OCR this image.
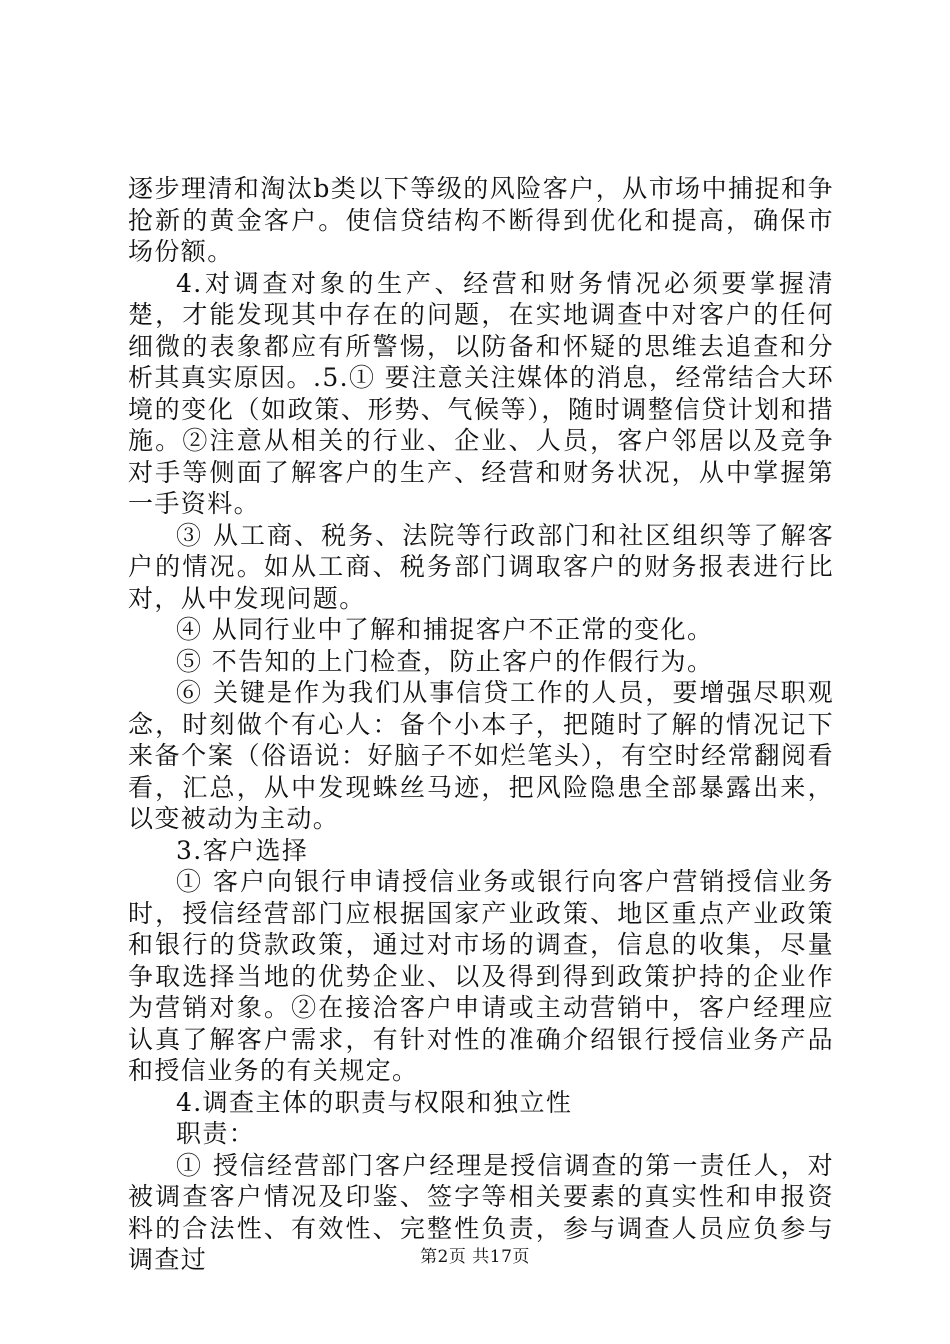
逐步理清和淘汰b类以下等级的风险客户，从市场中捕捉和争抢新的黄金客户。使信贷结构不断得到优化和提高，确保市场份额。

4.对调查对象的生产、经营和财务情况必须要掌握清楚，才能发现其中存在的问题，在实地调查中对客户的任何细微的表象都应有所警惕，以防备和怀疑的思维去追查和分析其真实原因。.5.① 要注意关注媒体的消息，经常结合大环境的变化（如政策、形势、气候等），随时调整信贷计划和措施。②注意从相关的行业、企业、人员，客户邻居以及竞争对手等侧面了解客户的生产、经营和财务状况，从中掌握第一手资料。

③ 从工商、税务、法院等行政部门和社区组织等了解客户的情况。如从工商、税务部门调取客户的财务报表进行比对，从中发现问题。

④ 从同行业中了解和捕捉客户不正常的变化。

⑤ 不告知的上门检查，防止客户的作假行为。

⑥ 关键是作为我们从事信贷工作的人员，要增强尽职观念，时刻做个有心人：备个小本子，把随时了解的情况记下来备个案（俗语说：好脑子不如烂笔头），有空时经常翻阅看看，汇总，从中发现蛛丝马迹，把风险隐患全部暴露出来，以变被动为主动。

3.客户选择

① 客户向银行申请授信业务或银行向客户营销授信业务时，授信经营部门应根据国家产业政策、地区重点产业政策和银行的贷款政策，通过对市场的调查，信息的收集，尽量争取选择当地的优势企业、以及得到得到政策护持的企业作为营销对象。②在接洽客户申请或主动营销中，客户经理应认真了解客户需求，有针对性的准确介绍银行授信业务产品和授信业务的有关规定。

4.调查主体的职责与权限和独立性

职责：

① 授信经营部门客户经理是授信调查的第一责任人，对被调查客户情况及印鉴、签字等相关要素的真实性和申报资料的合法性、有效性、完整性负责，参与调查人员应负参与调查过	第2页 共17页
